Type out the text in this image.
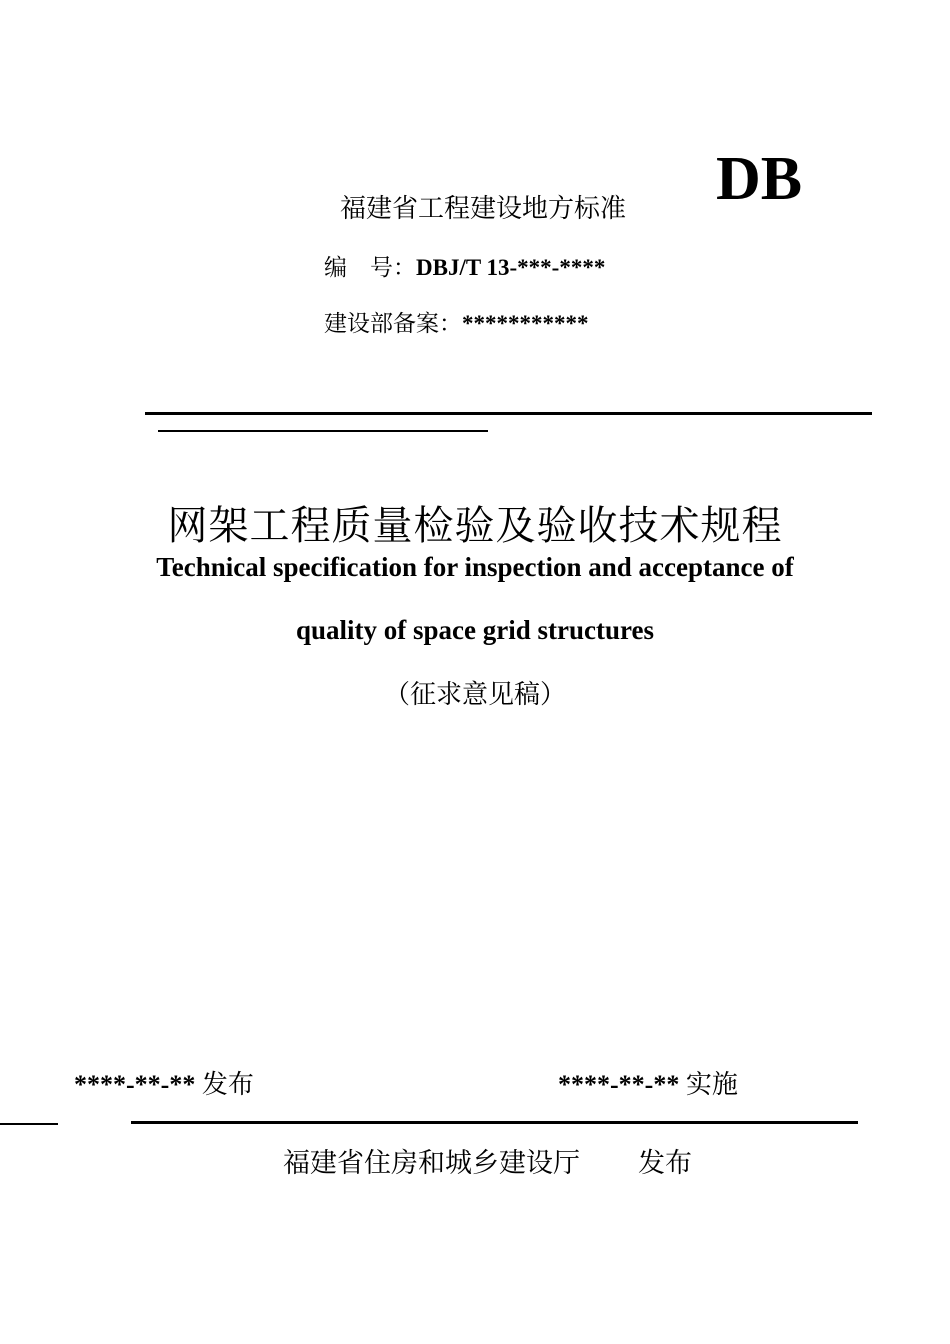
福建省工程建设地方标准 DB
编　号：DBJ/T 13-***-****
建设部备案：***********
网架工程质量检验及验收技术规程
Technical specification for inspection and acceptance of
quality of space grid structures
（征求意见稿）
****-**-** 发布	****-**-** 实施
福建省住房和城乡建设厅 发布
